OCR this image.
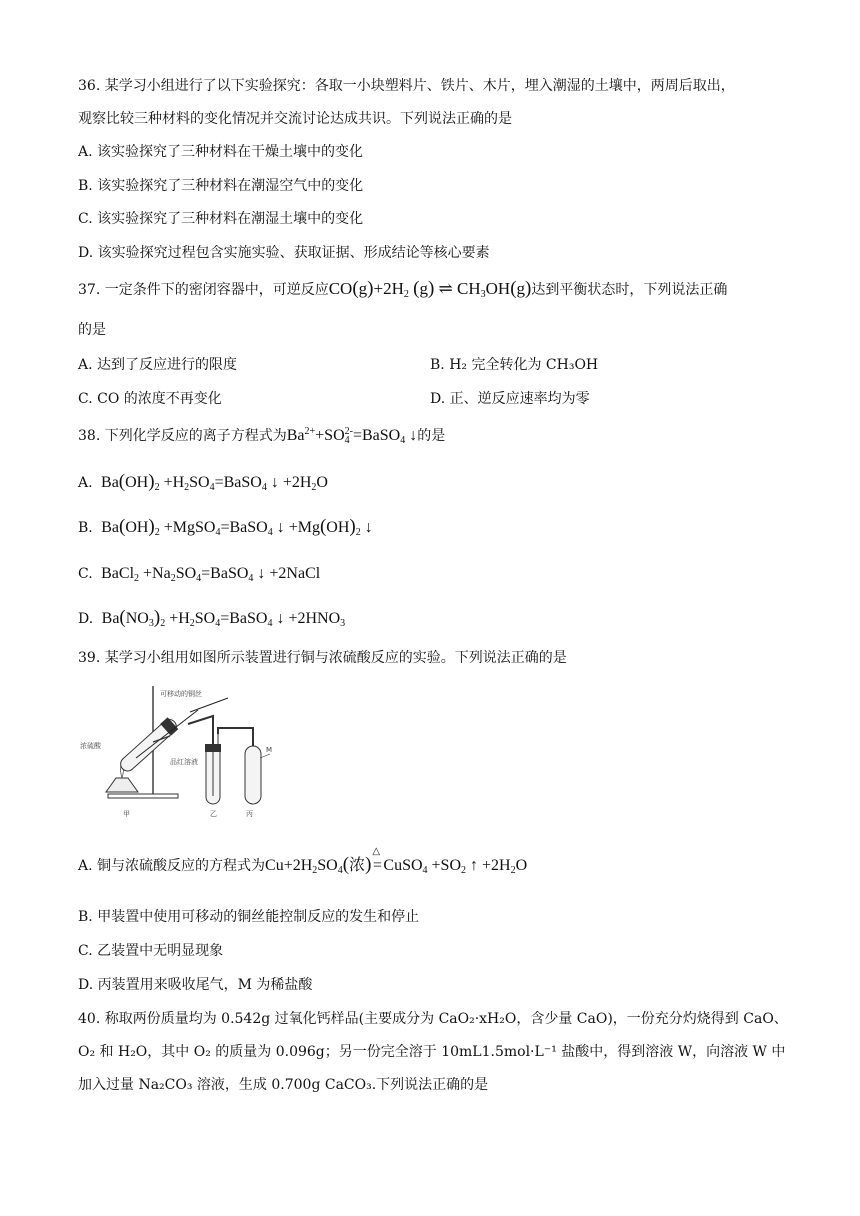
36. 某学习小组进行了以下实验探究：各取一小块塑料片、铁片、木片，埋入潮湿的土壤中，两周后取出，
观察比较三种材料的变化情况并交流讨论达成共识。下列说法正确的是
A. 该实验探究了三种材料在干燥土壤中的变化
B. 该实验探究了三种材料在潮湿空气中的变化
C. 该实验探究了三种材料在潮湿土壤中的变化
D. 该实验探究过程包含实施实验、获取证据、形成结论等核心要素
37. 一定条件下的密闭容器中，可逆反应$CO(g)+2H_2$ (g) ⇌ $CH_3OH(g)$达到平衡状态时，下列说法正确
的是
A. 达到了反应进行的限度	B. H₂ 完全转化为 CH₃OH
C. CO 的浓度不再变化	D. 正、逆反应速率均为零
38. 下列化学反应的离子方程式为$Ba^{2+}+SO_4^{2-}=BaSO_4$ ↓的是
A.  $Ba(OH)_2$ $+H_2SO_4=BaSO_4$ ↓ $+2H_2O$
B.  $Ba(OH)_2$ +MgSO$_4$=BaSO$_4$ ↓ $+Mg(OH)_2$ ↓
C.  BaCl$_2$ $+Na_2SO_4=BaSO_4$ ↓ +2NaCl
D.  $Ba(NO_3)_2$ $+H_2SO_4=BaSO_4$ ↓ $+2HNO_3$
39. 某学习小组用如图所示装置进行铜与浓硫酸反应的实验。下列说法正确的是
可移动的铜丝
浓硫酸
品红溶液
M
甲	乙	丙
A. 铜与浓硫酸反应的方程式为$Cu+2H_2SO_4$(浓)
△
=CuSO$_4$ $+SO_2$ ↑ $+2H_2O$
B. 甲装置中使用可移动的铜丝能控制反应的发生和停止
C. 乙装置中无明显现象
D. 丙装置用来吸收尾气，M 为稀盐酸
40. 称取两份质量均为 0.542g 过氧化钙样品(主要成分为 CaO₂·xH₂O，含少量 CaO)，一份充分灼烧得到 CaO、
O₂ 和 H₂O，其中 O₂ 的质量为 0.096g；另一份完全溶于 10mL1.5mol·L⁻¹ 盐酸中，得到溶液 W，向溶液 W 中
加入过量 Na₂CO₃ 溶液，生成 0.700g CaCO₃.下列说法正确的是
